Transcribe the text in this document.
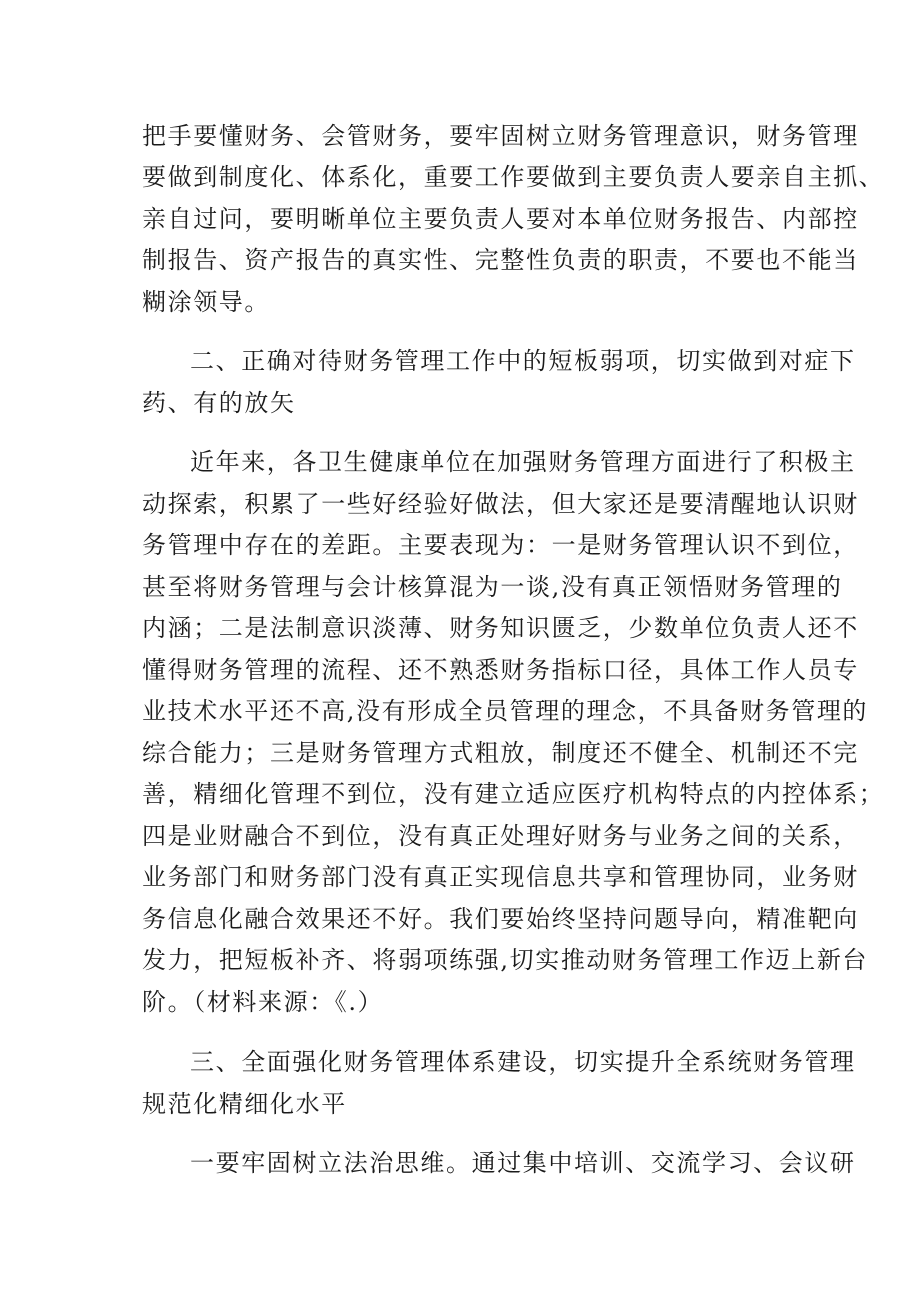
把手要懂财务、会管财务，要牢固树立财务管理意识，财务管理
要做到制度化、体系化，重要工作要做到主要负责人要亲自主抓、
亲自过问，要明晰单位主要负责人要对本单位财务报告、内部控
制报告、资产报告的真实性、完整性负责的职责，不要也不能当
糊涂领导。
二、正确对待财务管理工作中的短板弱项，切实做到对症下
药、有的放矢
近年来，各卫生健康单位在加强财务管理方面进行了积极主
动探索，积累了一些好经验好做法，但大家还是要清醒地认识财
务管理中存在的差距。主要表现为：一是财务管理认识不到位，
甚至将财务管理与会计核算混为一谈,没有真正领悟财务管理的
内涵；二是法制意识淡薄、财务知识匮乏，少数单位负责人还不
懂得财务管理的流程、还不熟悉财务指标口径，具体工作人员专
业技术水平还不高,没有形成全员管理的理念，不具备财务管理的
综合能力；三是财务管理方式粗放，制度还不健全、机制还不完
善，精细化管理不到位，没有建立适应医疗机构特点的内控体系；
四是业财融合不到位，没有真正处理好财务与业务之间的关系，
业务部门和财务部门没有真正实现信息共享和管理协同，业务财
务信息化融合效果还不好。我们要始终坚持问题导向，精准靶向
发力，把短板补齐、将弱项练强,切实推动财务管理工作迈上新台
阶。（材料来源：《.）
三、全面强化财务管理体系建设，切实提升全系统财务管理
规范化精细化水平
一要牢固树立法治思维。通过集中培训、交流学习、会议研
